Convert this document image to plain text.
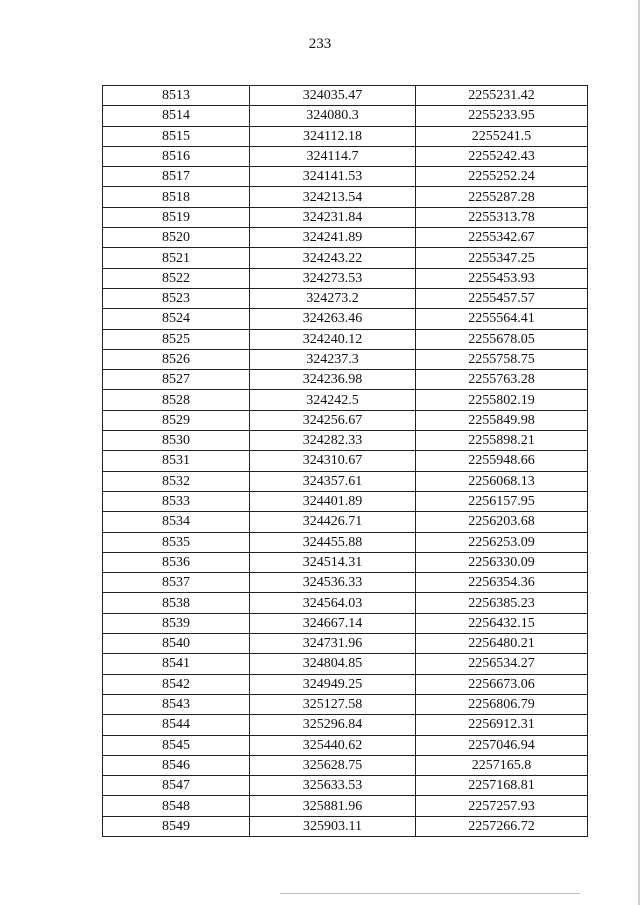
233
8513	324035.47	2255231.42
8514	324080.3	2255233.95
8515	324112.18	2255241.5
8516	324114.7	2255242.43
8517	324141.53	2255252.24
8518	324213.54	2255287.28
8519	324231.84	2255313.78
8520	324241.89	2255342.67
8521	324243.22	2255347.25
8522	324273.53	2255453.93
8523	324273.2	2255457.57
8524	324263.46	2255564.41
8525	324240.12	2255678.05
8526	324237.3	2255758.75
8527	324236.98	2255763.28
8528	324242.5	2255802.19
8529	324256.67	2255849.98
8530	324282.33	2255898.21
8531	324310.67	2255948.66
8532	324357.61	2256068.13
8533	324401.89	2256157.95
8534	324426.71	2256203.68
8535	324455.88	2256253.09
8536	324514.31	2256330.09
8537	324536.33	2256354.36
8538	324564.03	2256385.23
8539	324667.14	2256432.15
8540	324731.96	2256480.21
8541	324804.85	2256534.27
8542	324949.25	2256673.06
8543	325127.58	2256806.79
8544	325296.84	2256912.31
8545	325440.62	2257046.94
8546	325628.75	2257165.8
8547	325633.53	2257168.81
8548	325881.96	2257257.93
8549	325903.11	2257266.72
